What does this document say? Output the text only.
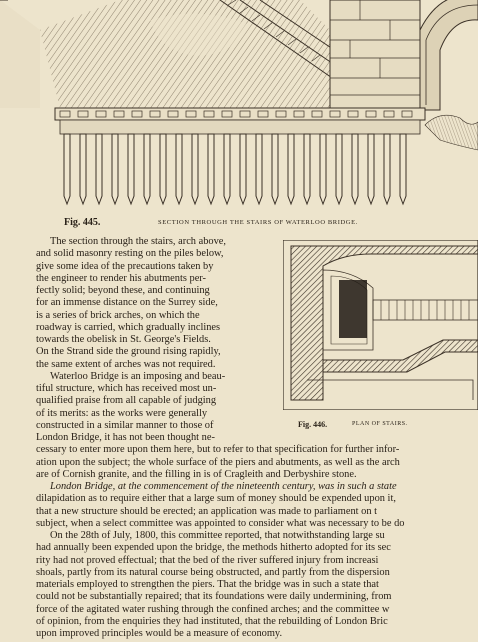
Fig. 445.	SECTION THROUGH THE STAIRS OF WATERLOO BRIDGE.
Fig. 446.	PLAN OF STAIRS.
The section through the stairs, arch above,
and solid masonry resting on the piles below,
give some idea of the precautions taken by
the engineer to render his abutments per-
fectly solid; beyond these, and continuing
for an immense distance on the Surrey side,
is a series of brick arches, on which the
roadway is carried, which gradually inclines
towards the obelisk in St. George's Fields.
On the Strand side the ground rising rapidly,
the same extent of arches was not required.
Waterloo Bridge is an imposing and beau-
tiful structure, which has received most un-
qualified praise from all capable of judging
of its merits: as the works were generally
constructed in a similar manner to those of
London Bridge, it has not been thought ne-
cessary to enter more upon them here, but to refer to that specification for further infor-
ation upon the subject; the whole surface of the piers and abutments, as well as the arch
are of Cornish granite, and the filling in is of Cragleith and Derbyshire stone.
London Bridge, at the commencement of the nineteenth century, was in such a state
dilapidation as to require either that a large sum of money should be expended upon it,
that a new structure should be erected; an application was made to parliament on t
subject, when a select committee was appointed to consider what was necessary to be do
On the 28th of July, 1800, this committee reported, that notwithstanding large su
had annually been expended upon the bridge, the methods hitherto adopted for its sec
rity had not proved effectual; that the bed of the river suffered injury from increasi
shoals, partly from its natural course being obstructed, and partly from the dispersion
materials employed to strengthen the piers. That the bridge was in such a state that
could not be substantially repaired; that its foundations were daily undermining, from
force of the agitated water rushing through the confined arches; and the committee w
of opinion, from the enquiries they had instituted, that the rebuilding of London Bric
upon improved principles would be a measure of economy.
